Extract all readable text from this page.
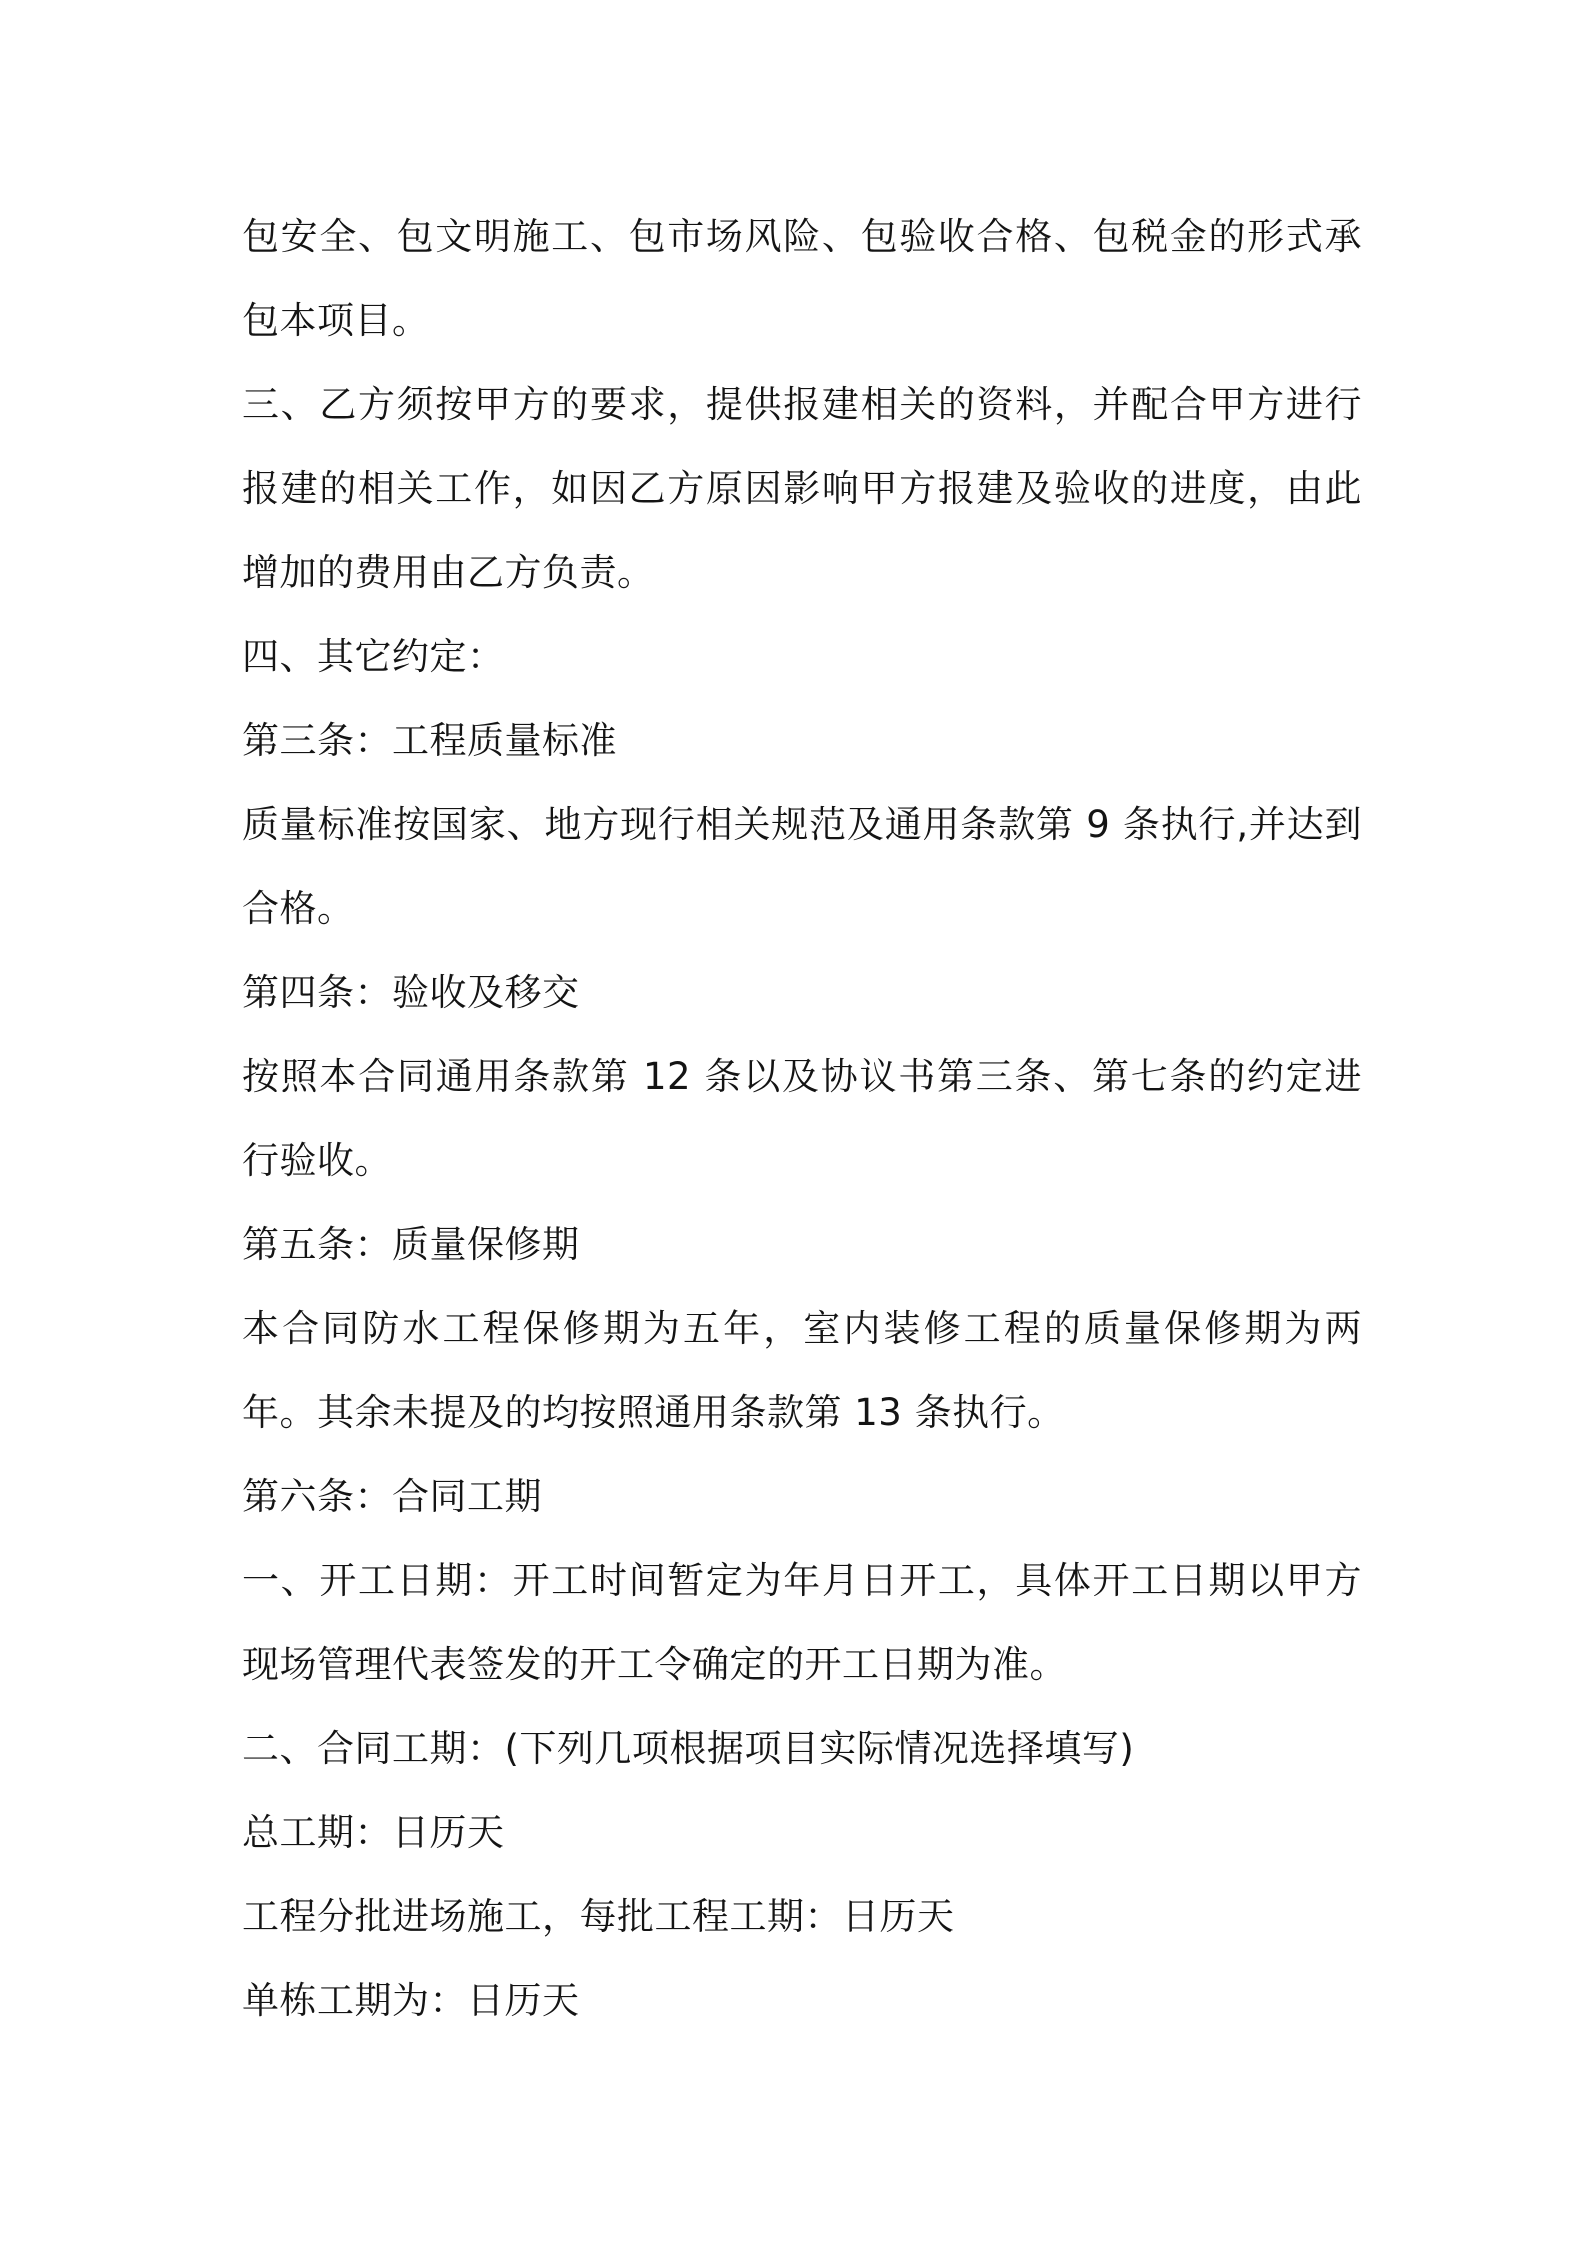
包安全、包文明施工、包市场风险、包验收合格、包税金的形式承包本项目。

三、乙方须按甲方的要求，提供报建相关的资料，并配合甲方进行报建的相关工作，如因乙方原因影响甲方报建及验收的进度，由此增加的费用由乙方负责。

四、其它约定：

第三条：工程质量标准

质量标准按国家、地方现行相关规范及通用条款第 9 条执行,并达到合格。

第四条：验收及移交

按照本合同通用条款第 12 条以及协议书第三条、第七条的约定进行验收。

第五条：质量保修期

本合同防水工程保修期为五年，室内装修工程的质量保修期为两年。其余未提及的均按照通用条款第 13 条执行。

第六条：合同工期

一、开工日期：开工时间暂定为年月日开工，具体开工日期以甲方现场管理代表签发的开工令确定的开工日期为准。

二、合同工期：(下列几项根据项目实际情况选择填写)

总工期：日历天

工程分批进场施工，每批工程工期：日历天

单栋工期为：日历天
